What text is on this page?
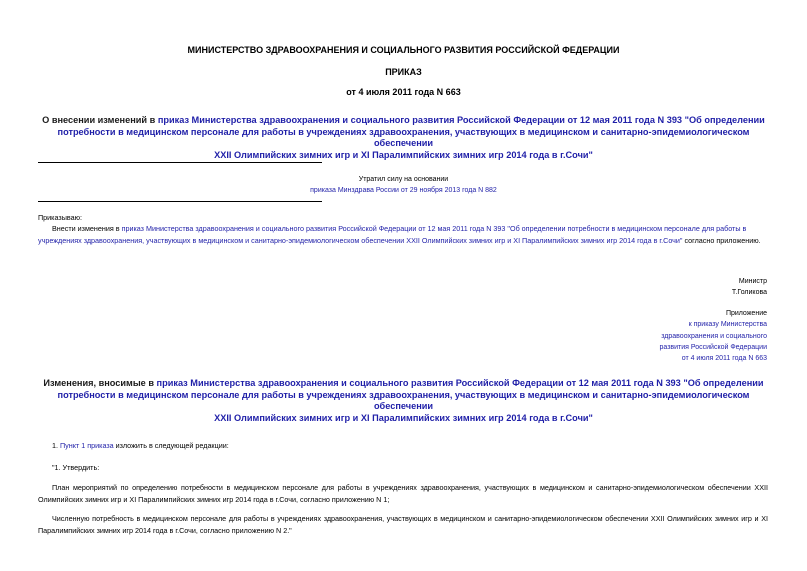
МИНИСТЕРСТВО ЗДРАВООХРАНЕНИЯ И СОЦИАЛЬНОГО РАЗВИТИЯ РОССИЙСКОЙ ФЕДЕРАЦИИ
ПРИКАЗ
от 4 июля 2011 года N 663
О внесении изменений в приказ Министерства здравоохранения и социального развития Российской Федерации от 12 мая 2011 года N 393 "Об определении
потребности в медицинском персонале для работы в учреждениях здравоохранения, участвующих в медицинском и санитарно-эпидемиологическом обеспечении
XXII Олимпийских зимних игр и XI Паралимпийских зимних игр 2014 года в г.Сочи"
Утратил силу на основании
приказа Минздрава России от 29 ноября 2013 года N 882
Приказываю:
Внести изменения в приказ Министерства здравоохранения и социального развития Российской Федерации от 12 мая 2011 года N 393 "Об определении потребности в медицинском персонале для работы в
учреждениях здравоохранения, участвующих в медицинском и санитарно-эпидемиологическом обеспечении XXII Олимпийских зимних игр и XI Паралимпийских зимних игр 2014 года в г.Сочи" согласно приложению.
Министр
Т.Голикова
Приложение
к приказу Министерства
здравоохранения и социального
развития Российской Федерации
от 4 июля 2011 года N 663
Изменения, вносимые в приказ Министерства здравоохранения и социального развития Российской Федерации от 12 мая 2011 года N 393 "Об определении
потребности в медицинском персонале для работы в учреждениях здравоохранения, участвующих в медицинском и санитарно-эпидемиологическом обеспечении
XXII Олимпийских зимних игр и XI Паралимпийских зимних игр 2014 года в г.Сочи"
1. Пункт 1 приказа изложить в следующей редакции:
"1. Утвердить:
План мероприятий по определению потребности в медицинском персонале для работы в учреждениях здравоохранения, участвующих в медицинском и санитарно-эпидемиологическом обеспечении XXII
Олимпийских зимних игр и XI Паралимпийских зимних игр 2014 года в г.Сочи, согласно приложению N 1;
Численную потребность в медицинском персонале для работы в учреждениях здравоохранения, участвующих в медицинском и санитарно-эпидемиологическом обеспечении XXII Олимпийских зимних игр и XI
Паралимпийских зимних игр 2014 года в г.Сочи, согласно приложению N 2."
